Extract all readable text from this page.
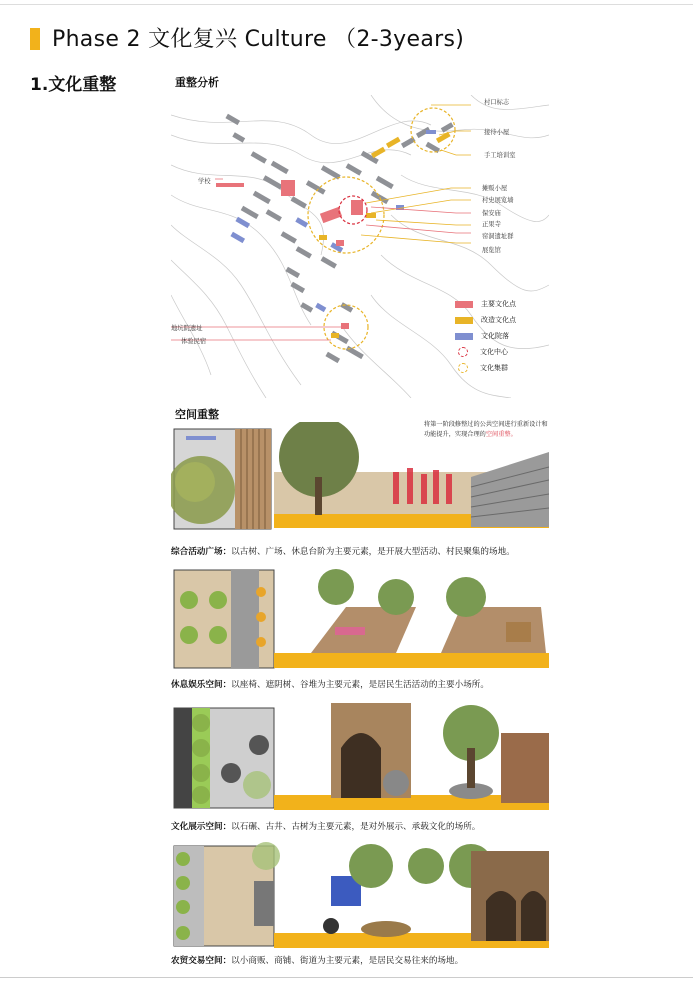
Phase 2 文化复兴 Culture （2-3years)
1.文化重整	重整分析
村口标志
接待小屋
手工培训室
摊贩小屋
村史展览墙
保安庙
正果寺
窑洞遗址群
展览馆
学校
地坑院遗址
体验民宿
主要文化点
改造文化点
文化院落
文化中心
文化集群
空间重整
将第一阶段修整过的公共空间进行重新设计和功能提升，实现合理的空间重整。
综合活动广场：以古树、广场、休息台阶为主要元素，是开展大型活动、村民聚集的场地。
休息娱乐空间：以座椅、遮阴树、谷堆为主要元素，是居民生活活动的主要小场所。
文化展示空间：以石碾、古井、古树为主要元素，是对外展示、承载文化的场所。
农贸交易空间：以小商贩、商铺、街道为主要元素，是居民交易往来的场地。
